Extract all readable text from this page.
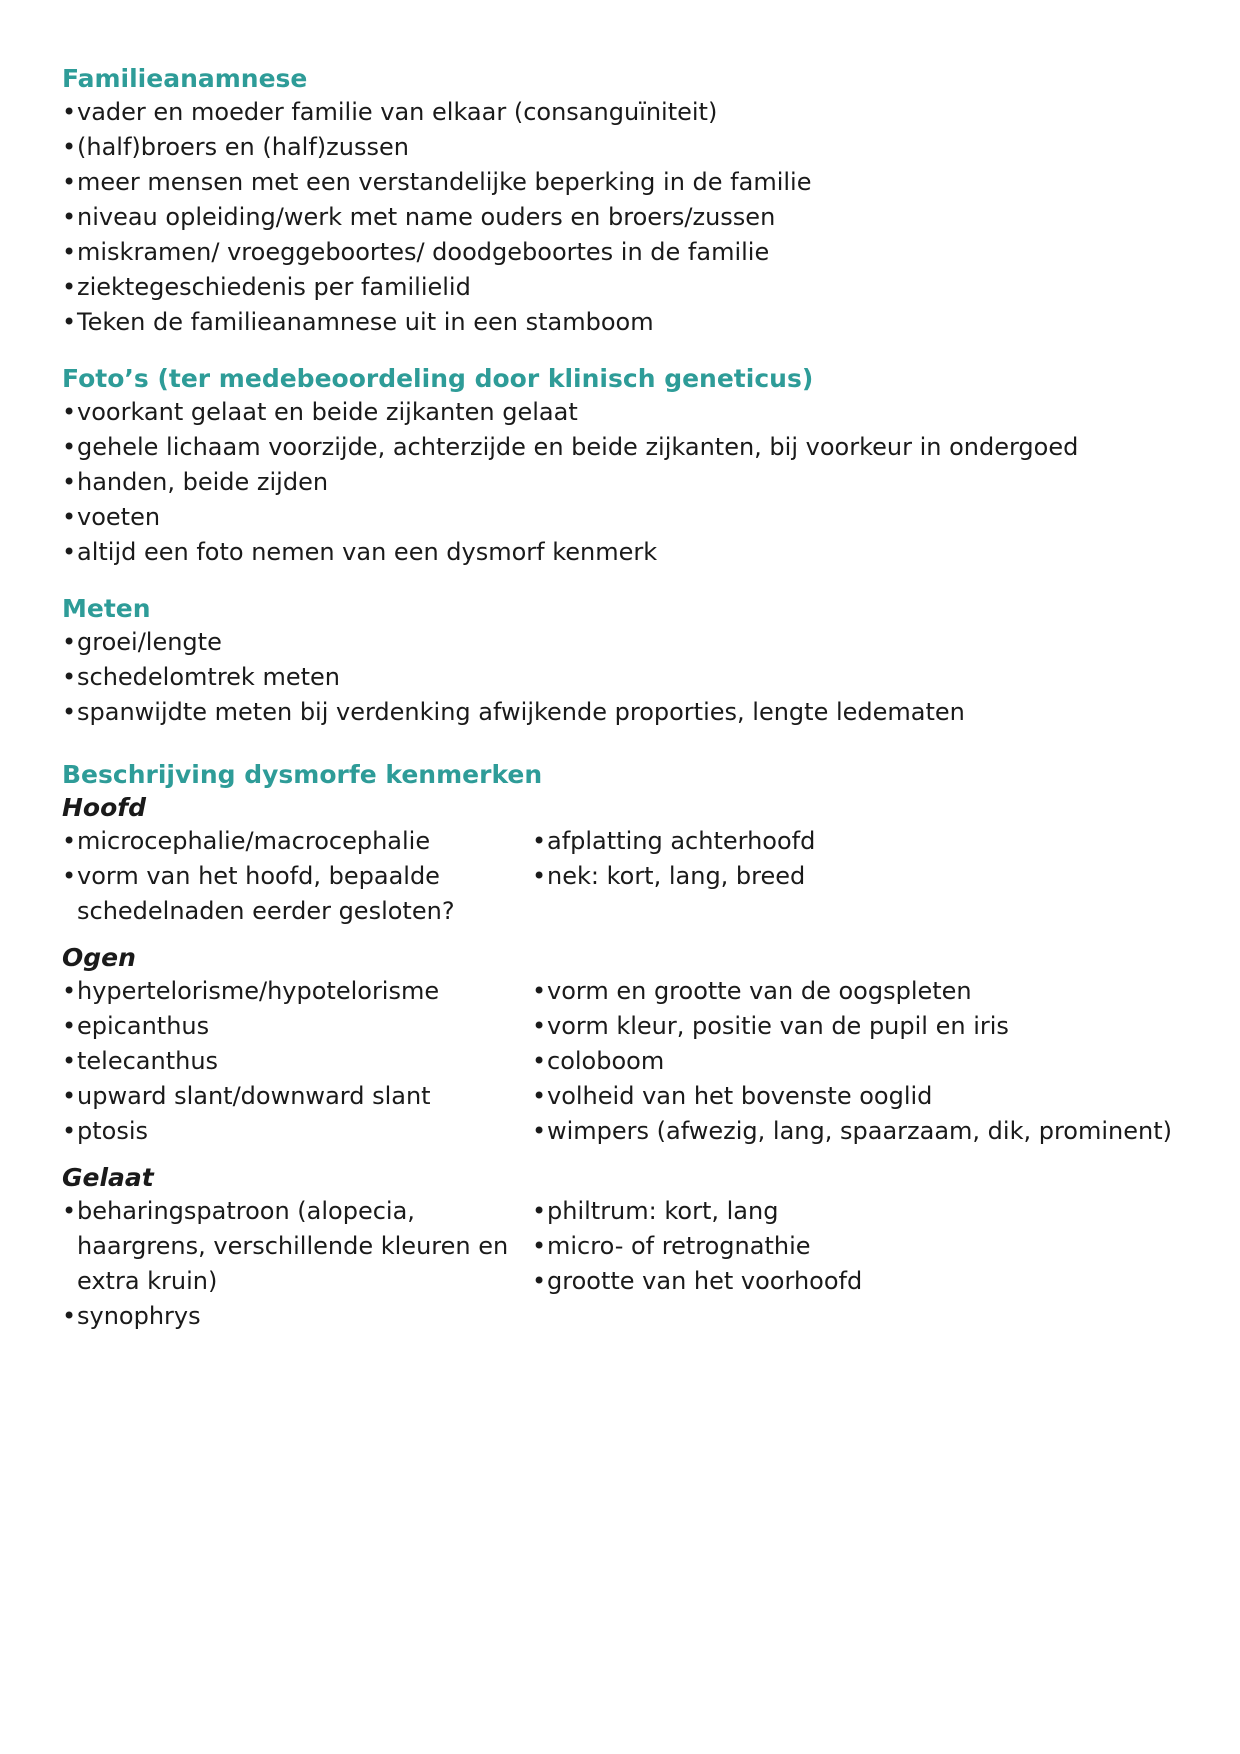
Familieanamnese
• vader en moeder familie van elkaar (consanguïniteit)
• (half)broers en (half)zussen
• meer mensen met een verstandelijke beperking in de familie
• niveau opleiding/werk met name ouders en broers/zussen
• miskramen/ vroeggeboortes/ doodgeboortes in de familie
• ziektegeschiedenis per familielid
• Teken de familieanamnese uit in een stamboom
Foto’s (ter medebeoordeling door klinisch geneticus)
• voorkant gelaat en beide zijkanten gelaat
• gehele lichaam voorzijde, achterzijde en beide zijkanten, bij voorkeur in ondergoed
• handen, beide zijden
• voeten
• altijd een foto nemen van een dysmorf kenmerk
Meten
• groei/lengte
• schedelomtrek meten
• spanwijdte meten bij verdenking afwijkende proporties, lengte ledematen
Beschrijving dysmorfe kenmerken
Hoofd
• microcephalie/macrocephalie
• vorm van het hoofd, bepaalde schedelnaden eerder gesloten?
• afplatting achterhoofd
• nek: kort, lang, breed
Ogen
• hypertelorisme/hypotelorisme
• epicanthus
• telecanthus
• upward slant/downward slant
• ptosis
• vorm en grootte van de oogspleten
• vorm kleur, positie van de pupil en iris
• coloboom
• volheid van het bovenste ooglid
• wimpers (afwezig, lang, spaarzaam, dik, prominent)
Gelaat
• beharingspatroon (alopecia, haargrens, verschillende kleuren en extra kruin)
• synophrys
• philtrum: kort, lang
• micro- of retrognathie
• grootte van het voorhoofd
